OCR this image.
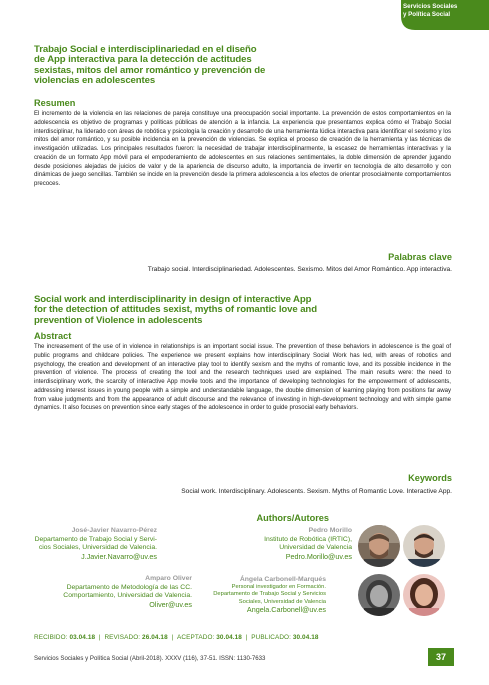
Servicios Sociales
y Política Social
Trabajo Social e interdisciplinariedad en el diseño
de App interactiva para la detección de actitudes
sexistas, mitos del amor romántico y prevención de
violencias en adolescentes
Resumen
El incremento de la violencia en las relaciones de pareja constituye una preocupación social importante. La prevención de estos comportamientos en la adolescencia es objetivo de programas y políticas públicas de atención a la infancia. La experiencia que presentamos explica cómo el Trabajo Social interdisciplinar, ha liderado con áreas de robótica y psicología la creación y desarrollo de una herramienta lúdica interactiva para identificar el sexismo y los mitos del amor romántico, y su posible incidencia en la prevención de violencias. Se explica el proceso de creación de la herramienta y las técnicas de investigación utilizadas. Los principales resultados fueron: la necesidad de trabajar interdisciplinarmente, la escasez de herramientas interactivas y la creación de un formato App móvil para el empoderamiento de adolescentes en sus relaciones sentimentales, la doble dimensión de aprender jugando desde posiciones alejadas de juicios de valor y de la apariencia de discurso adulto, la importancia de invertir en tecnología de alto desarrollo y con dinámicas de juego sencillas. También se incide en la prevención desde la primera adolescencia a los efectos de orientar prosocialmente comportamientos precoces.
Palabras clave
Trabajo social. Interdisciplinariedad. Adolescentes. Sexismo. Mitos del Amor Romántico. App interactiva.
Social work and interdisciplinarity in design of interactive App
for the detection of attitudes sexist, myths of romantic love and
prevention of Violence in adolescents
Abstract
The increasement of the use of in violence in relationships is an important social issue. The prevention of these behaviors in adolescence is the goal of public programs and childcare policies. The experience we present explains how interdisciplinary Social Work has led, with areas of robotics and psychology, the creation and development of an interactive play tool to identify sexism and the myths of romantic love, and its possible incidence in the prevention of violence. The process of creating the tool and the research techniques used are explained. The main results were: the need to interdisciplinary work, the scarcity of interactive App movile tools and the importance of developing technologies for the empowerment of adolescents, addressing interest issues in young people with a simple and understandable language, the double dimension of learning playing from positions far away from value judgments and from the appearance of adult discourse and the relevance of investing in high-development technology and with simple game dynamics. It also focuses on prevention since early stages of the adolescence in order to guide prosocial early behaviors.
Keywords
Social work. Interdisciplinary. Adolescents. Sexism. Myths of Romantic Love. Interactive App.
Authors/Autores
José-Javier Navarro-Pérez
Departamento de Trabajo Social y Servi-
cios Sociales, Universidad de Valencia.
J.Javier.Navarro@uv.es
Pedro Morillo
Instituto de Robótica (IRTIC),
Universidad de Valencia
Pedro.Morillo@uv.es
Amparo Oliver
Departamento de Metodología de las CC.
Comportamiento, Universidad de Valencia.
Oliver@uv.es
Ángela Carbonell-Marqués
Personal investigador en Formación.
Departamento de Trabajo Social y Servicios
Sociales, Universidad de Valencia
Angela.Carbonell@uv.es
RECIBIDO: 03.04.18 | REVISADO: 26.04.18 | ACEPTADO: 30.04.18 | PUBLICADO: 30.04.18
Servicios Sociales y Política Social (Abril-2018). XXXV (116), 37-51. ISSN: 1130-7633	37
